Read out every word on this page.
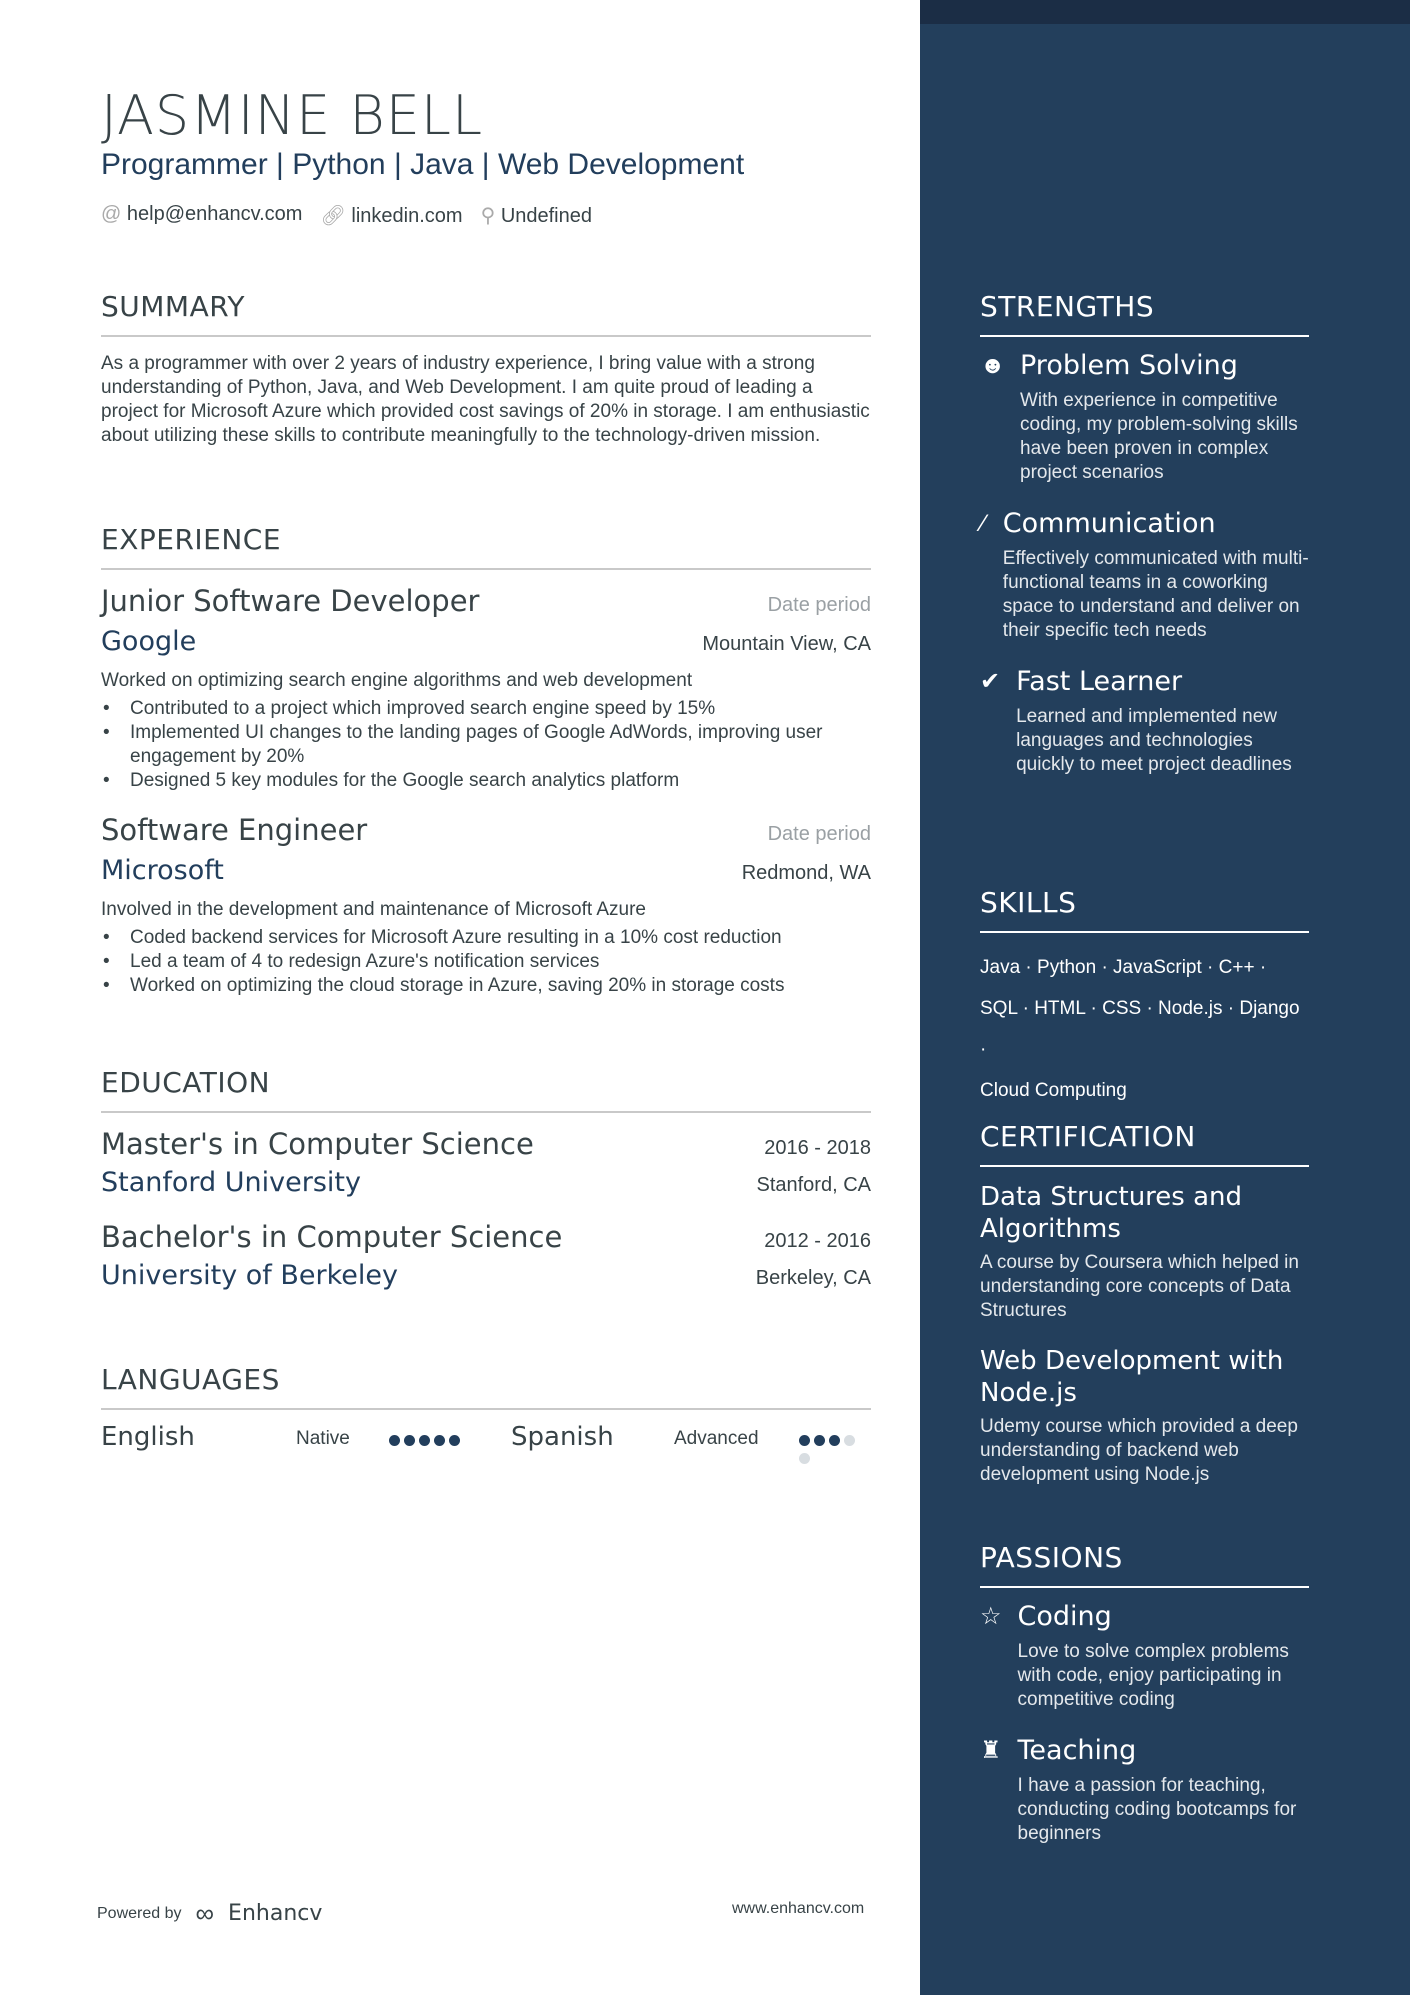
JASMINE BELL
Programmer | Python | Java | Web Development
@ help@enhancv.com 🔗︎ linkedin.com ⚲ Undefined
SUMMARY
As a programmer with over 2 years of industry experience, I bring value with a strong understanding of Python, Java, and Web Development. I am quite proud of leading a project for Microsoft Azure which provided cost savings of 20% in storage. I am enthusiastic about utilizing these skills to contribute meaningfully to the technology-driven mission.
EXPERIENCE
Junior Software Developer	Date period
Google	Mountain View, CA
Worked on optimizing search engine algorithms and web development
• Contributed to a project which improved search engine speed by 15%
• Implemented UI changes to the landing pages of Google AdWords, improving user engagement by 20%
• Designed 5 key modules for the Google search analytics platform
Software Engineer	Date period
Microsoft	Redmond, WA
Involved in the development and maintenance of Microsoft Azure
• Coded backend services for Microsoft Azure resulting in a 10% cost reduction
• Led a team of 4 to redesign Azure's notification services
• Worked on optimizing the cloud storage in Azure, saving 20% in storage costs
EDUCATION
Master's in Computer Science	2016 - 2018
Stanford University	Stanford, CA
Bachelor's in Computer Science	2012 - 2016
University of Berkeley	Berkeley, CA
LANGUAGES
English	Native	Spanish	Advanced
Powered by ∞ Enhancv	www.enhancv.com
STRENGTHS
☻ Problem Solving
With experience in competitive coding, my problem-solving skills have been proven in complex project scenarios
⁄ Communication
Effectively communicated with multi-functional teams in a coworking space to understand and deliver on their specific tech needs
✔ Fast Learner
Learned and implemented new languages and technologies quickly to meet project deadlines
SKILLS
Java · Python · JavaScript · C++ ·
SQL · HTML · CSS · Node.js · Django ·
Cloud Computing
CERTIFICATION
Data Structures and Algorithms
A course by Coursera which helped in understanding core concepts of Data Structures
Web Development with Node.js
Udemy course which provided a deep understanding of backend web development using Node.js
PASSIONS
☆ Coding
Love to solve complex problems with code, enjoy participating in competitive coding
♜ Teaching
I have a passion for teaching, conducting coding bootcamps for beginners
